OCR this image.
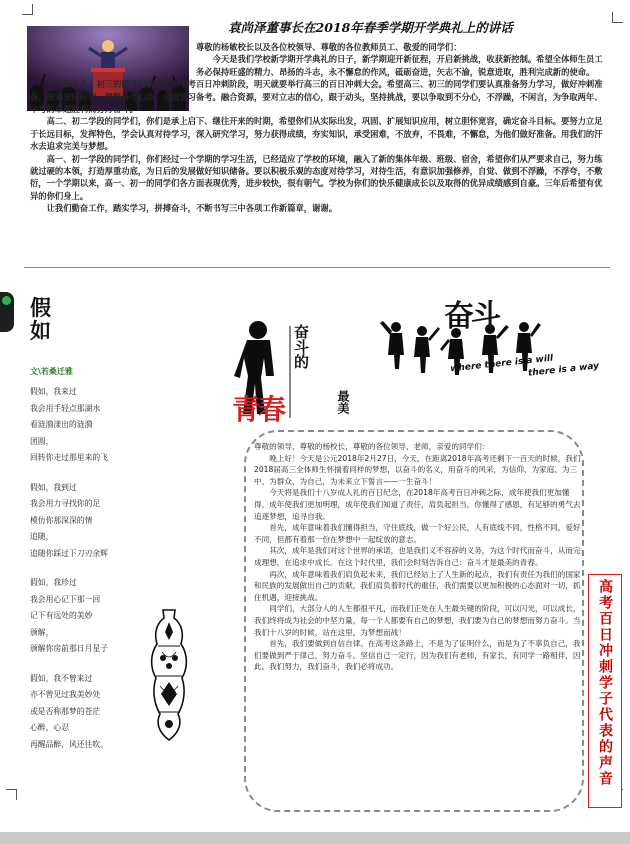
袁尚泽董事长在2018年春季学期开学典礼上的讲话

尊敬的杨敏校长以及各位校领导、尊敬的各位教师员工、敬爱的同学们：

今天是我们学校新学期开学典礼的日子，新学期迎开新征程，开启新挑战，收获新控制。希望全体师生员工务必保持旺盛的精力、昂扬的斗志，永不懈怠的作风，砥砺奋进，矢志不渝，锐意进取，胜利完成新的使命。

开学后不久，初三的同学们就要迎来中考百日冲刺阶段，明天就要举行高三的百日冲刺大会。希望高三、初三的同学们要认真准备努力学习，做好冲刺准备，统筹安排时间，调整备考心态，全面复习备考。融合资源，要对立志的信心，跟于动头，坚持挑战，要以争取到不分心，不浮躁，不闲言，为争取两年、中考的卓越胜利而努力奋斗。

高二、初二学段的同学们，你们是承上启下、继往开来的时期，希望你们从实际出发，巩固、扩展知识应用，树立胆怀宽容，确定奋斗目标。要努力立足于长远目标，发挥特色，学会认真对待学习，深入研究学习，努力获得成绩，夯实知识，承受困难，不放弃，不畏难，不懈怠，为他们做好准备。用我们的汗水去追求完美与梦想。

高一、初一学段的同学们，你们经过一个学期的学习生活，已经适应了学校的环境，融入了新的集体年级、班级、宿舍，希望你们从严要求自己，努力练就过硬的本领，打造厚重功底，为日后的发展做好知识储备。要以积极乐观的态度对待学习，对待生活，有意识加强修养，自觉、做到不浮躁，不浮夸，不敷衍，一个学期以来，高一、初一的同学们各方面表现优秀，进步较快，很有朝气。学校为你们的快乐健康成长以及取得的优异成绩感到自豪。三年后希望有优异的你们身上。

让我们勤奋工作，踏实学习，拼搏奋斗，不断书写三中各项工作新篇章，谢谢。

假
如
文\若桑迁雅
假如，我来过
我会用手轻点那湖水
看涟漪漾出的涟漪
团圆，
回转你走过那里来的飞
假如，我到过
我会用力寻找你的足
模仿你那深深的情
追随，
追随你踩过下刀刃余辉
假如，我珍过
我会用心记下那一回
记下有远处的美妙
颁解，
颁解你房前那日月星子
假如，我不曾来过
亦不曾见过我美妙处
或是否称那梦的苍茫
心醉，心忍
再醒品醉，风还往吹。
奋斗的
青春	最美
奋斗
where there is a will
there is a way

尊敬的领导，尊敬的杨校长，尊敬的各位领导、老师，亲爱的同学们：

晚上好！今天是公元2018年2月27日，今天，在距离2018年高考还剩下一百天的时候，我们2018届高三全体师生怀揣着同样的梦想，以奋斗的名义，用奋斗的风采，为信仰、为家庭、为三中、为群众，为自己，为未来立下誓言——一生奋斗！

今天将是我们十八岁成人礼的百日纪念，在2018年高考百日冲刺之际，成年使我们更加懂得，成年使我们更加明理，成年使我们知道了责任，肩负起担当，你懂得了感恩，有足够的勇气去追逐梦想，追寻自我。

首先，成年意味着我们懂得担当，守住底线，做一个好公民，人有底线不同，性格不同，爱好不同，但都有着那一份在梦想中一起绽放的意志。

其次，成年是我们对这个世界的承诺，也是我们义不容辞的义务，为这个时代而奋斗，从而完成理想，在追求中成长。在这个时代里，我们会时刻告诉自己：奋斗才是最美的青春。

再次，成年意味着我们肩负起未来，我们已经站上了人生新的起点，我们有责任为我们的国家和民族的发展做出自己的贡献，我们肩负着时代的重任，我们需要以更加积极的心态面对一切，抓住机遇，迎接挑战。

同学们，大部分人的人生都很平凡，而我们正处在人生最关键的阶段，可以闪光，可以成长，我们终将成为社会的中坚力量，每一个人都要有自己的梦想，我们要为自己的梦想而努力奋斗。当我们十八岁的时候，站在这里，为梦想而战！

首先，我们要做到自信自律。在高考这条路上，不是为了证明什么，而是为了不辜负自己，我们要做到严于律己，努力奋斗。坚信自己一定行，因为我们有老师，有家长，有同学一路相伴，因此，我们努力，我们奋斗，我们必将成功。	高考百日冲刺学子代表的声音
